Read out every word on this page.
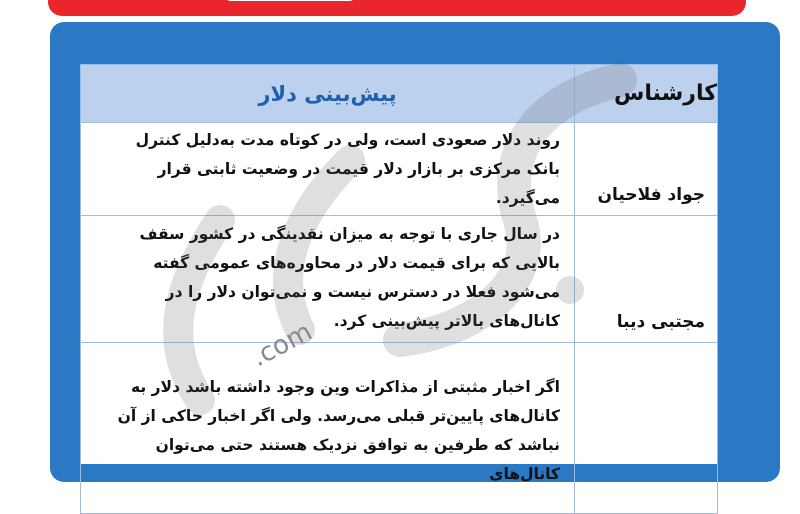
کارشناس	پیش‌بینی دلار
جواد فلاحیان	روند دلار صعودی است، ولی در کوتاه مدت به‌دلیل کنترل بانک مرکزی بر بازار دلار قیمت در وضعیت ثابتی قرار می‌گیرد.
مجتبی دیبا	در سال جاری با توجه به میزان نقدینگی در کشور سقف بالایی که برای قیمت دلار در محاوره‌های عمومی گفته می‌شود فعلا در دسترس نیست و نمی‌توان دلار را در کانال‌های بالاتر پیش‌بینی کرد.
	اگر اخبار مثبتی از مذاکرات وین وجود داشته باشد دلار به کانال‌های پایین‌تر قبلی می‌رسد. ولی اگر اخبار حاکی از آن نباشد که طرفین به توافق نزدیک هستند حتی می‌توان کانال‌های
.com
